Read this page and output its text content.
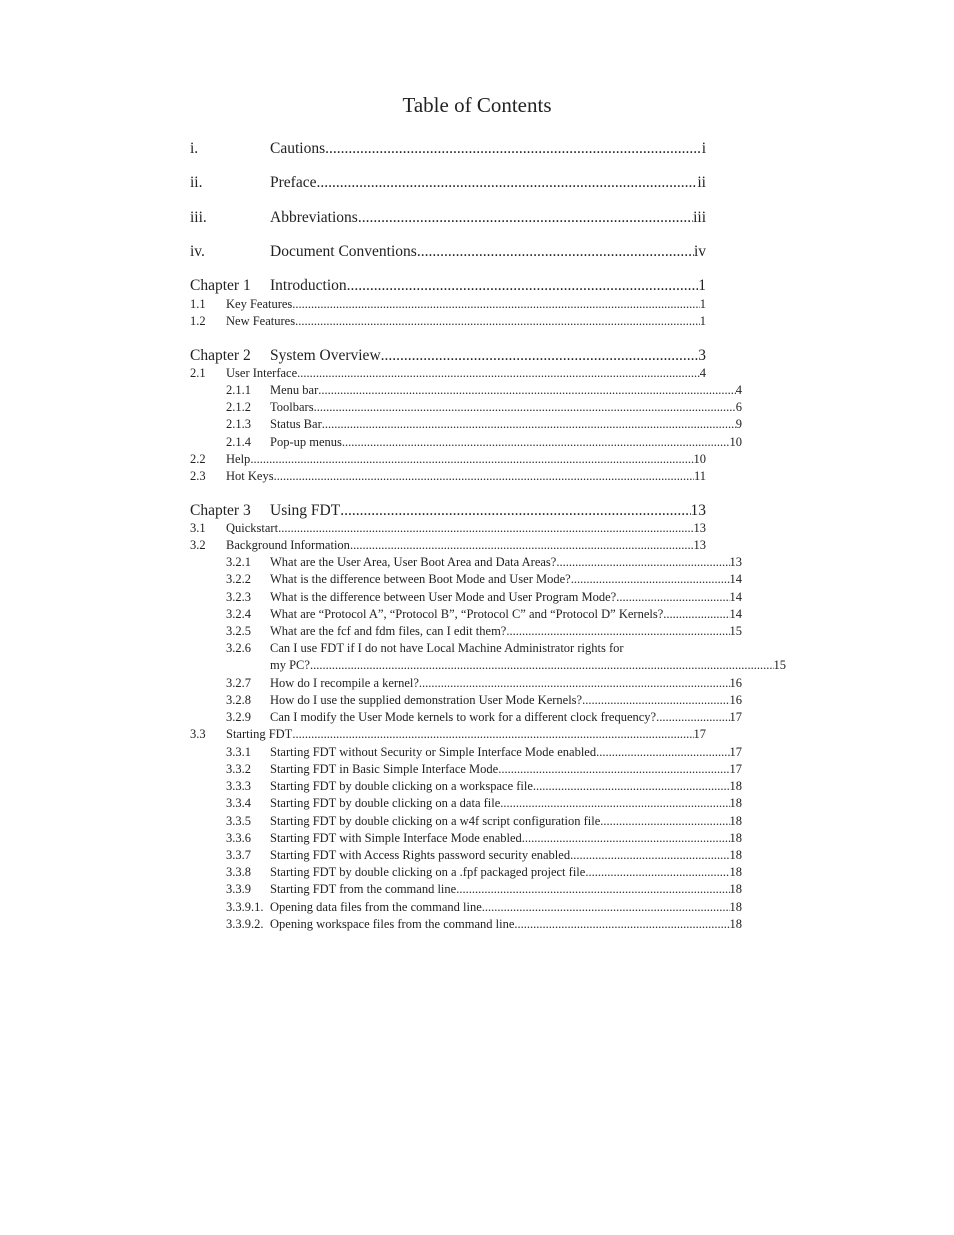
Table of Contents
i.	Cautions .....	i
ii.	Preface .....	ii
iii.	Abbreviations .....	iii
iv.	Document Conventions .....	iv
Chapter 1	Introduction .....	1
1.1	Key Features .....	1
1.2	New Features .....	1
Chapter 2	System Overview .....	3
2.1	User Interface .....	4
2.1.1	Menu bar .....	4
2.1.2	Toolbars .....	6
2.1.3	Status Bar .....	9
2.1.4	Pop-up menus .....	10
2.2	Help .....	10
2.3	Hot Keys .....	11
Chapter 3	Using FDT .....	13
3.1	Quickstart .....	13
3.2	Background Information .....	13
3.2.1	What are the User Area, User Boot Area and Data Areas? .....	13
3.2.2	What is the difference between Boot Mode and User Mode? .....	14
3.2.3	What is the difference between User Mode and User Program Mode? .....	14
3.2.4	What are “Protocol A”, “Protocol B”, “Protocol C” and “Protocol D” Kernels? .....	14
3.2.5	What are the fcf and fdm files, can I edit them? .....	15
3.2.6	Can I use FDT if I do not have Local Machine Administrator rights for
my PC? .....	15
3.2.7	How do I recompile a kernel? .....	16
3.2.8	How do I use the supplied demonstration User Mode Kernels? .....	16
3.2.9	Can I modify the User Mode kernels to work for a different clock frequency? .....	17
3.3	Starting FDT .....	17
3.3.1	Starting FDT without Security or Simple Interface Mode enabled .....	17
3.3.2	Starting FDT in Basic Simple Interface Mode .....	17
3.3.3	Starting FDT by double clicking on a workspace file .....	18
3.3.4	Starting FDT by double clicking on a data file .....	18
3.3.5	Starting FDT by double clicking on a w4f script configuration file .....	18
3.3.6	Starting FDT with Simple Interface Mode enabled .....	18
3.3.7	Starting FDT with Access Rights password security enabled .....	18
3.3.8	Starting FDT by double clicking on a .fpf packaged project file .....	18
3.3.9	Starting FDT from the command line .....	18
3.3.9.1. Opening data files from the command line .....	18
3.3.9.2. Opening workspace files from the command line .....	18
